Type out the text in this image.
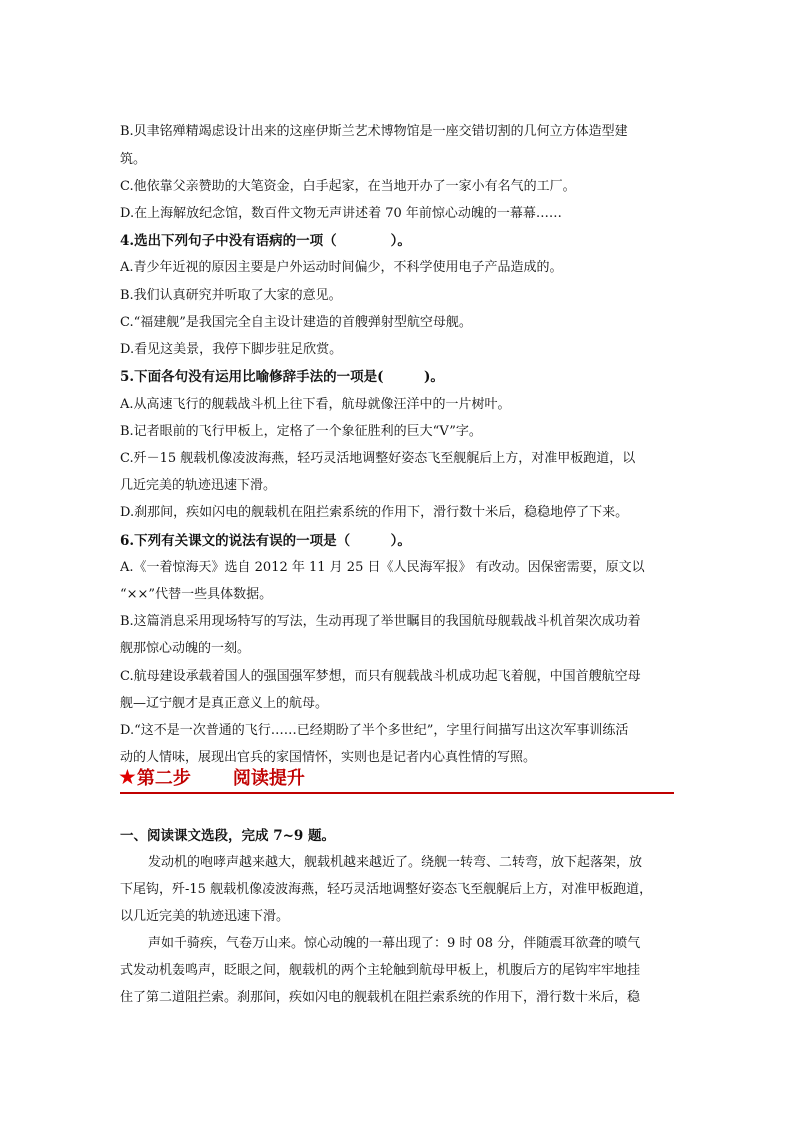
B.贝聿铭殚精竭虑设计出来的这座伊斯兰艺术博物馆是一座交错切割的几何立方体造型建
筑。
C.他依靠父亲赞助的大笔资金，白手起家，在当地开办了一家小有名气的工厂。
D.在上海解放纪念馆，数百件文物无声讲述着 70 年前惊心动魄的一幕幕……
4.选出下列句子中没有语病的一项（　　　　）。
A.青少年近视的原因主要是户外运动时间偏少，不科学使用电子产品造成的。
B.我们认真研究并听取了大家的意见。
C.“福建舰”是我国完全自主设计建造的首艘弹射型航空母舰。
D.看见这美景，我停下脚步驻足欣赏。
5.下面各句没有运用比喻修辞手法的一项是(　　　)。
A.从高速飞行的舰载战斗机上往下看，航母就像汪洋中的一片树叶。
B.记者眼前的飞行甲板上，定格了一个象征胜利的巨大“V”字。
C.歼－15 舰载机像凌波海燕，轻巧灵活地调整好姿态飞至舰艉后上方，对准甲板跑道，以
几近完美的轨迹迅速下滑。
D.刹那间，疾如闪电的舰载机在阻拦索系统的作用下，滑行数十米后，稳稳地停了下来。
6.下列有关课文的说法有误的一项是（　　　）。
A.《一着惊海天》选自 2012 年 11 月 25 日《人民海军报》 有改动。因保密需要，原文以
“××”代替一些具体数据。
B.这篇消息采用现场特写的写法，生动再现了举世瞩目的我国航母舰载战斗机首架次成功着
舰那惊心动魄的一刻。
C.航母建设承载着国人的强国强军梦想，而只有舰载战斗机成功起飞着舰，中国首艘航空母
舰—辽宁舰才是真正意义上的航母。
D.“这不是一次普通的飞行……已经期盼了半个多世纪”，字里行间描写出这次军事训练活
动的人情味，展现出官兵的家国情怀，实则也是记者内心真性情的写照。
★第二步 阅读提升
一、阅读课文选段，完成 7~9 题。
发动机的咆哮声越来越大，舰载机越来越近了。绕舰一转弯、二转弯，放下起落架，放
下尾钩，歼-15 舰载机像凌波海燕，轻巧灵活地调整好姿态飞至舰艉后上方，对准甲板跑道，
以几近完美的轨迹迅速下滑。
声如千骑疾，气卷万山来。惊心动魄的一幕出现了：9 时 08 分，伴随震耳欲聋的喷气
式发动机轰鸣声，眨眼之间，舰载机的两个主轮触到航母甲板上，机腹后方的尾钩牢牢地挂
住了第二道阻拦索。刹那间，疾如闪电的舰载机在阻拦索系统的作用下，滑行数十米后，稳
